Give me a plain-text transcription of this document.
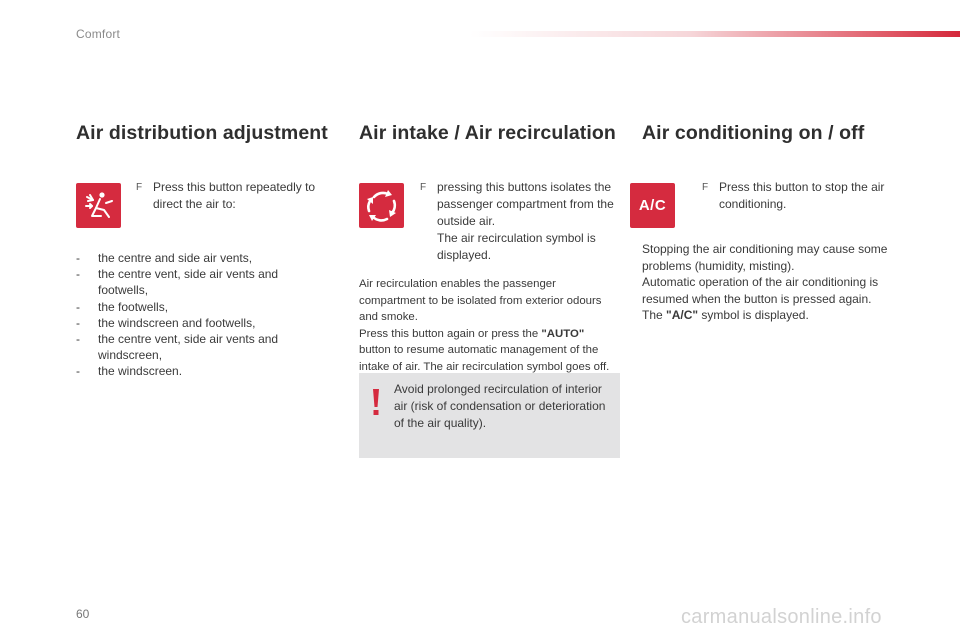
Comfort
Air distribution adjustment
F Press this button repeatedly to
direct the air to:
- the centre and side air vents,
- the centre vent, side air vents and
footwells,
- the footwells,
- the windscreen and footwells,
- the centre vent, side air vents and
windscreen,
- the windscreen.
Air intake / Air recirculation
F pressing this buttons isolates the
passenger compartment from the
outside air.
The air recirculation symbol is
displayed.
Air recirculation enables the passenger
compartment to be isolated from exterior odours
and smoke.
Press this button again or press the "AUTO"
button to resume automatic management of the
intake of air. The air recirculation symbol goes off.
Avoid prolonged recirculation of interior
air (risk of condensation or deterioration
of the air quality).
Air conditioning on / off
A/C
F Press this button to stop the air
conditioning.
Stopping the air conditioning may cause some
problems (humidity, misting).
Automatic operation of the air conditioning is
resumed when the button is pressed again.
The "A/C" symbol is displayed.
60	carmanualsonline.info
